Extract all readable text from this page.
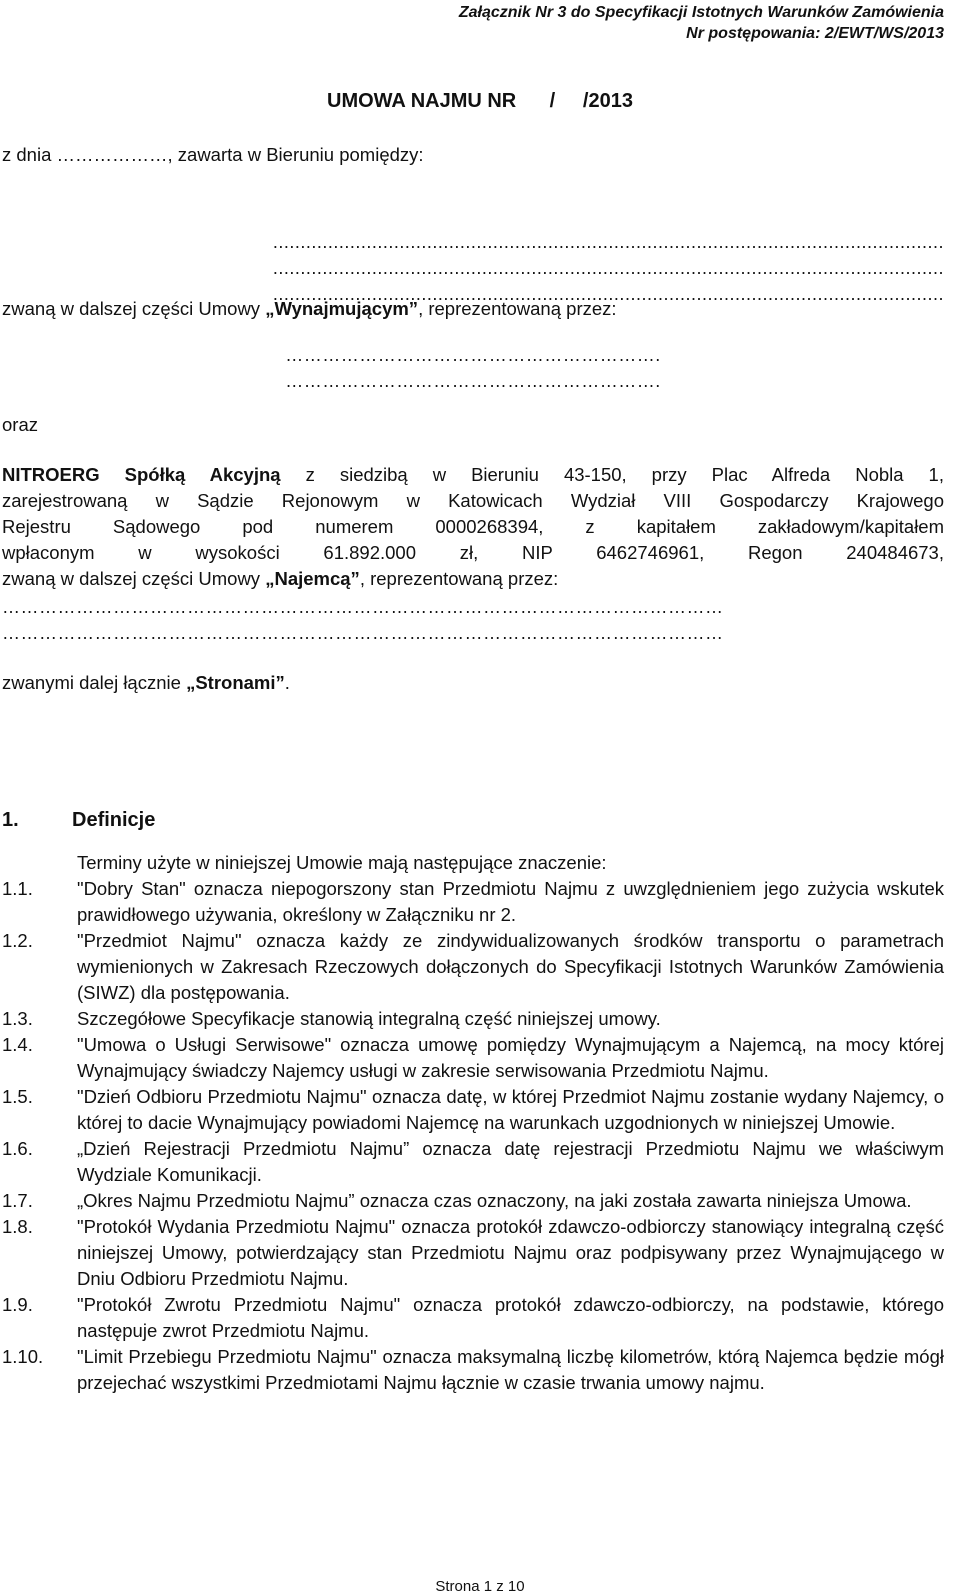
Załącznik Nr 3 do Specyfikacji Istotnych Warunków Zamówienia
Nr postępowania: 2/EWT/WS/2013
UMOWA NAJMU NR      /     /2013
z dnia ………………, zawarta w Bieruniu pomiędzy:
..........................................................................................................................
..........................................................................................................................
..........................................................................................................................
zwaną w dalszej części Umowy „Wynajmującym”, reprezentowaną przez:
…………………………………………………….
…………………………………………………….
oraz
NITROERG Spółką Akcyjną z siedzibą w Bieruniu 43-150, przy Plac Alfreda Nobla 1,
zarejestrowaną w Sądzie Rejonowym w Katowicach Wydział VIII Gospodarczy Krajowego
Rejestru Sądowego pod numerem 0000268394, z kapitałem zakładowym/kapitałem
wpłaconym w wysokości 61.892.000 zł, NIP 6462746961, Regon 240484673,
zwaną w dalszej części Umowy „Najemcą”, reprezentowaną przez:
………………………………………………………………………………………………………
………………………………………………………………………………………………………
zwanymi dalej łącznie „Stronami”.
1.	Definicje
Terminy użyte w niniejszej Umowie mają następujące znaczenie:
1.1.	"Dobry Stan" oznacza niepogorszony stan Przedmiotu Najmu z uwzględnieniem jego zużycia wskutek prawidłowego używania, określony w Załączniku nr 2.
1.2.	"Przedmiot Najmu" oznacza każdy ze zindywidualizowanych środków transportu o parametrach wymienionych w Zakresach Rzeczowych dołączonych do Specyfikacji Istotnych Warunków Zamówienia (SIWZ) dla postępowania.
1.3.	Szczegółowe Specyfikacje stanowią integralną część niniejszej umowy.
1.4.	"Umowa o Usługi Serwisowe" oznacza umowę pomiędzy Wynajmującym a Najemcą, na mocy której Wynajmujący świadczy Najemcy usługi w zakresie serwisowania Przedmiotu Najmu.
1.5.	"Dzień Odbioru Przedmiotu Najmu" oznacza datę, w której Przedmiot Najmu zostanie wydany Najemcy, o której to dacie Wynajmujący powiadomi Najemcę na warunkach uzgodnionych w niniejszej Umowie.
1.6.	„Dzień Rejestracji Przedmiotu Najmu” oznacza datę rejestracji Przedmiotu Najmu we właściwym Wydziale Komunikacji.
1.7.	„Okres Najmu Przedmiotu Najmu” oznacza czas oznaczony, na jaki została zawarta niniejsza Umowa.
1.8.	"Protokół Wydania Przedmiotu Najmu" oznacza protokół zdawczo-odbiorczy stanowiący integralną część niniejszej Umowy, potwierdzający stan Przedmiotu Najmu oraz podpisywany przez Wynajmującego w Dniu Odbioru Przedmiotu Najmu.
1.9.	"Protokół Zwrotu Przedmiotu Najmu" oznacza protokół zdawczo-odbiorczy, na podstawie, którego następuje zwrot Przedmiotu Najmu.
1.10.	"Limit Przebiegu Przedmiotu Najmu" oznacza maksymalną liczbę kilometrów, którą Najemca będzie mógł przejechać wszystkimi Przedmiotami Najmu łącznie w czasie trwania umowy najmu.
Strona 1 z 10
